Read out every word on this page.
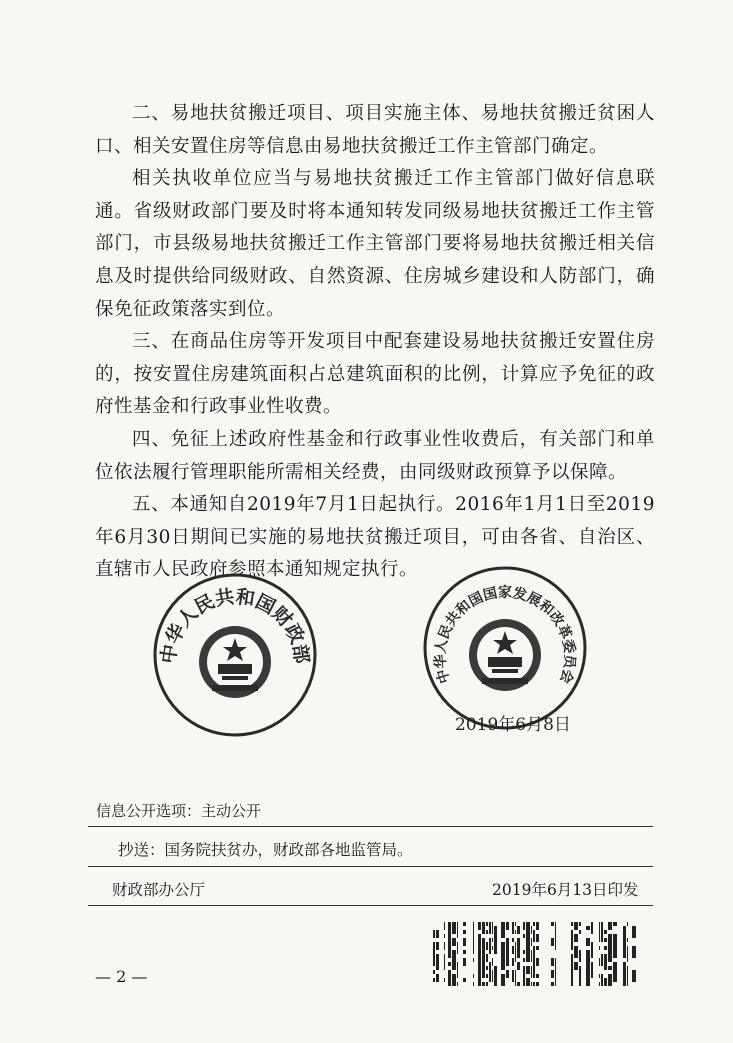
二、易地扶贫搬迁项目、项目实施主体、易地扶贫搬迁贫困人口、相关安置住房等信息由易地扶贫搬迁工作主管部门确定。

相关执收单位应当与易地扶贫搬迁工作主管部门做好信息联通。省级财政部门要及时将本通知转发同级易地扶贫搬迁工作主管部门，市县级易地扶贫搬迁工作主管部门要将易地扶贫搬迁相关信息及时提供给同级财政、自然资源、住房城乡建设和人防部门，确保免征政策落实到位。

三、在商品住房等开发项目中配套建设易地扶贫搬迁安置住房的，按安置住房建筑面积占总建筑面积的比例，计算应予免征的政府性基金和行政事业性收费。

四、免征上述政府性基金和行政事业性收费后，有关部门和单位依法履行管理职能所需相关经费，由同级财政预算予以保障。

五、本通知自2019年7月1日起执行。2016年1月1日至2019年6月30日期间已实施的易地扶贫搬迁项目，可由各省、自治区、直辖市人民政府参照本通知规定执行。

中华人民共和国财政部
中华人民共和国国家发展和改革委员会
2019年6月8日
信息公开选项：主动公开
抄送：国务院扶贫办，财政部各地监管局。
财政部办公厅	2019年6月13日印发
— 2 —
